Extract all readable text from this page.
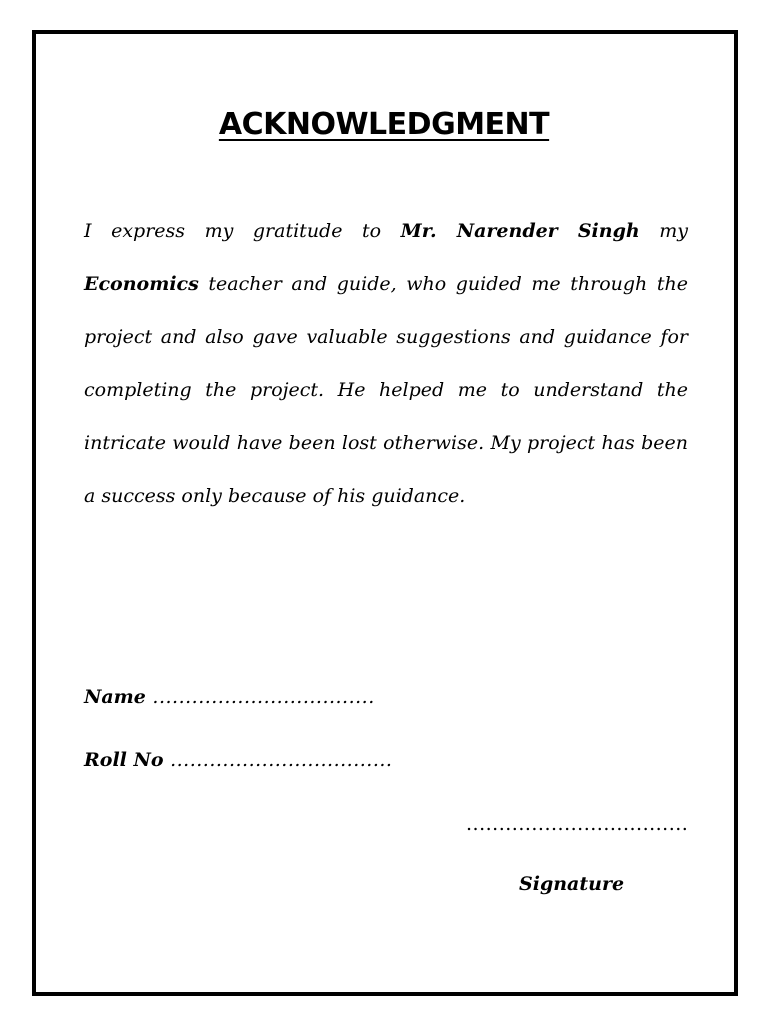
ACKNOWLEDGMENT

I express my gratitude to Mr. Narender Singh my Economics teacher and guide, who guided me through the project and also gave valuable suggestions and guidance for completing the project. He helped me to understand the intricate would have been lost otherwise. My project has been a success only because of his guidance.

Name ..................................
Roll No ..................................
..................................
Signature
